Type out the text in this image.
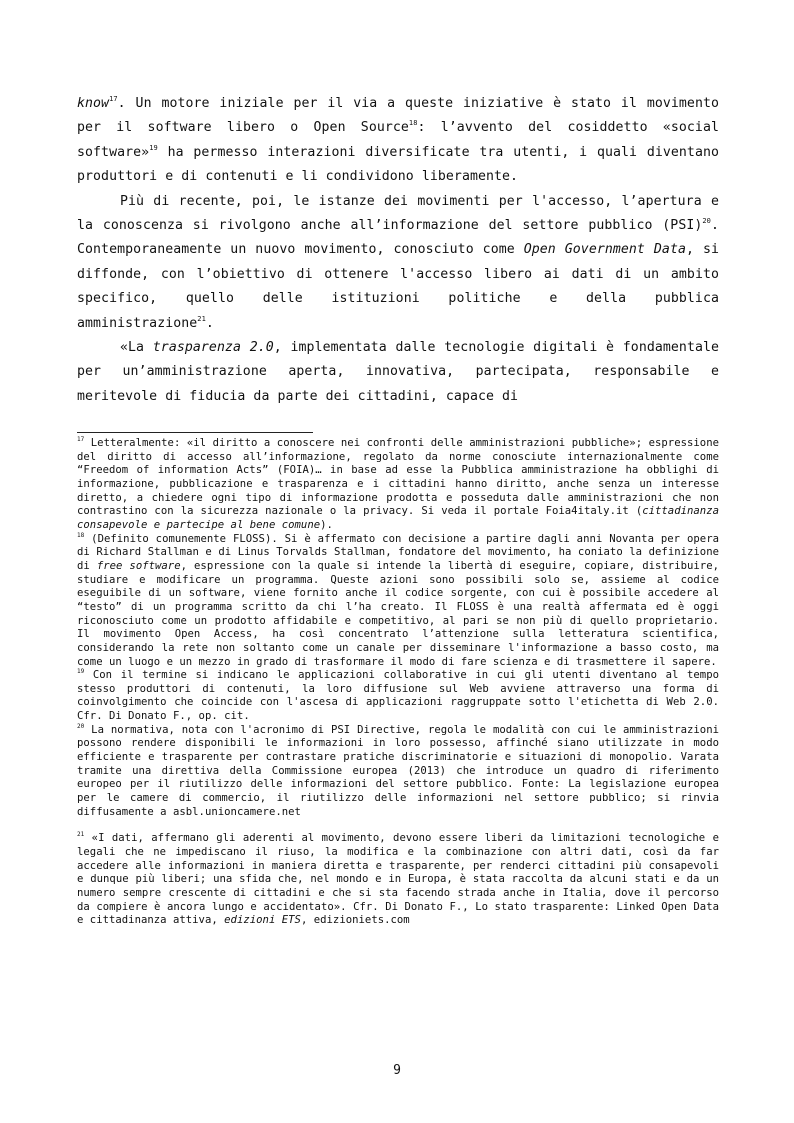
know$^{17}$. Un motore iniziale per il via a queste iniziative è stato il movimento per il software libero o Open Source$^{18}$: l’avvento del cosiddetto «social software»$^{19}$ ha permesso interazioni diversificate tra utenti, i quali diventano produttori e di contenuti e li condividono liberamente.

Più di recente, poi, le istanze dei movimenti per l'accesso, l’apertura e la conoscenza si rivolgono anche all’informazione del settore pubblico (PSI)$^{20}$. Contemporaneamente un nuovo movimento, conosciuto come Open Government Data, si diffonde, con l’obiettivo di ottenere l'accesso libero ai dati di un ambito specifico, quello delle istituzioni politiche e della pubblica amministrazione$^{21}$.

«La trasparenza 2.0, implementata dalle tecnologie digitali è fondamentale per un’amministrazione aperta, innovativa, partecipata, responsabile e meritevole di fiducia da parte dei cittadini, capace di

$^{17}$ Letteralmente: «il diritto a conoscere nei confronti delle amministrazioni pubbliche»; espressione del diritto di accesso all’informazione, regolato da norme conosciute internazionalmente come “Freedom of information Acts” (FOIA)… in base ad esse la Pubblica amministrazione ha obblighi di informazione, pubblicazione e trasparenza e i cittadini hanno diritto, anche senza un interesse diretto, a chiedere ogni tipo di informazione prodotta e posseduta dalle amministrazioni che non contrastino con la sicurezza nazionale o la privacy. Si veda il portale Foia4italy.it (cittadinanza consapevole e partecipe al bene comune).

$^{18}$ (Definito comunemente FLOSS). Si è affermato con decisione a partire dagli anni Novanta per opera di Richard Stallman e di Linus Torvalds Stallman, fondatore del movimento, ha coniato la definizione di free software, espressione con la quale si intende la libertà di eseguire, copiare, distribuire, studiare e modificare un programma. Queste azioni sono possibili solo se, assieme al codice eseguibile di un software, viene fornito anche il codice sorgente, con cui è possibile accedere al “testo” di un programma scritto da chi l’ha creato. Il FLOSS è una realtà affermata ed è oggi riconosciuto come un prodotto affidabile e competitivo, al pari se non più di quello proprietario. Il movimento Open Access, ha così concentrato l’attenzione sulla letteratura scientifica, considerando la rete non soltanto come un canale per disseminare l'informazione a basso costo, ma come un luogo e un mezzo in grado di trasformare il modo di fare scienza e di trasmettere il sapere.

$^{19}$ Con il termine si indicano le applicazioni collaborative in cui gli utenti diventano al tempo stesso produttori di contenuti, la loro diffusione sul Web avviene attraverso una forma di coinvolgimento che coincide con l'ascesa di applicazioni raggruppate sotto l'etichetta di Web 2.0. Cfr. Di Donato F., op. cit.

$^{20}$ La normativa, nota con l'acronimo di PSI Directive, regola le modalità con cui le amministrazioni possono rendere disponibili le informazioni in loro possesso, affinché siano utilizzate in modo efficiente e trasparente per contrastare pratiche discriminatorie e situazioni di monopolio. Varata tramite una direttiva della Commissione europea (2013) che introduce un quadro di riferimento europeo per il riutilizzo delle informazioni del settore pubblico. Fonte: La legislazione europea per le camere di commercio, il riutilizzo delle informazioni nel settore pubblico; si rinvia diffusamente a asbl.unioncamere.net

$^{21}$ «I dati, affermano gli aderenti al movimento, devono essere liberi da limitazioni tecnologiche e legali che ne impediscano il riuso, la modifica e la combinazione con altri dati, così da far accedere alle informazioni in maniera diretta e trasparente, per renderci cittadini più consapevoli e dunque più liberi; una sfida che, nel mondo e in Europa, è stata raccolta da alcuni stati e da un numero sempre crescente di cittadini e che si sta facendo strada anche in Italia, dove il percorso da compiere è ancora lungo e accidentato». Cfr. Di Donato F., Lo stato trasparente: Linked Open Data e cittadinanza attiva, edizioni ETS, edizioniets.com

9
